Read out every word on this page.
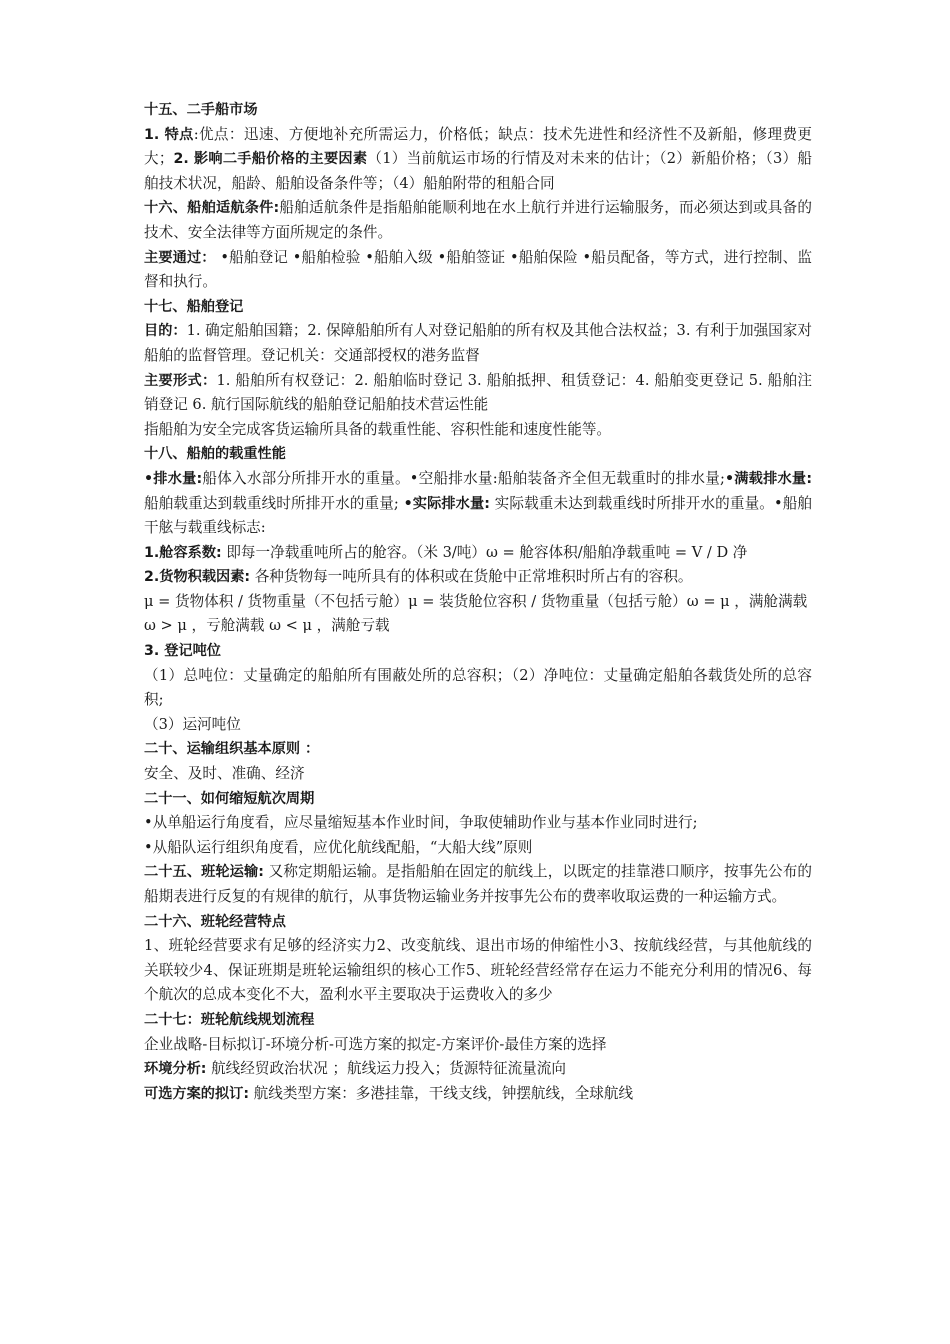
十五、二手船市场

1. 特点:优点：迅速、方便地补充所需运力，价格低；缺点：技术先进性和经济性不及新船，修理费更大；2. 影响二手船价格的主要因素（1）当前航运市场的行情及对未来的估计；（2）新船价格；（3）船舶技术状况，船龄、船舶设备条件等；（4）船舶附带的租船合同

十六、船舶适航条件:船舶适航条件是指船舶能顺利地在水上航行并进行运输服务，而必须达到或具备的技术、安全法律等方面所规定的条件。

主要通过： •船舶登记 •船舶检验 •船舶入级 •船舶签证 •船舶保险 •船员配备，等方式，进行控制、监督和执行。

十七、船舶登记

目的：1. 确定船舶国籍；2. 保障船舶所有人对登记船舶的所有权及其他合法权益；3. 有利于加强国家对船舶的监督管理。登记机关：交通部授权的港务监督

主要形式：1. 船舶所有权登记：2. 船舶临时登记 3. 船舶抵押、租赁登记：4. 船舶变更登记 5. 船舶注销登记 6. 航行国际航线的船舶登记船舶技术营运性能

指船舶为安全完成客货运输所具备的载重性能、容积性能和速度性能等。

十八、船舶的载重性能

•排水量:船体入水部分所排开水的重量。•空船排水量:船舶装备齐全但无载重时的排水量;•满载排水量: 船舶载重达到载重线时所排开水的重量; •实际排水量: 实际载重未达到载重线时所排开水的重量。•船舶干舷与载重线标志:

1.舱容系数: 即每一净载重吨所占的舱容。（米 3/吨）ω = 舱容体积/船舶净载重吨 = V / D 净

2.货物积载因素: 各种货物每一吨所具有的体积或在货舱中正常堆积时所占有的容积。

μ = 货物体积 / 货物重量（不包括亏舱）μ = 装货舱位容积 / 货物重量（包括亏舱）ω = μ ，满舱满载

ω > μ ，亏舱满载 ω < μ ，满舱亏载

3. 登记吨位

（1）总吨位：丈量确定的船舶所有围蔽处所的总容积；（2）净吨位：丈量确定船舶各载货处所的总容积;

（3）运河吨位

二十、运输组织基本原则 ：

安全、及时、准确、经济

二十一、如何缩短航次周期

•从单船运行角度看，应尽量缩短基本作业时间，争取使辅助作业与基本作业同时进行;

•从船队运行组织角度看，应优化航线配船，“大船大线”原则

二十五、班轮运输: 又称定期船运输。是指船舶在固定的航线上，以既定的挂靠港口顺序，按事先公布的船期表进行反复的有规律的航行，从事货物运输业务并按事先公布的费率收取运费的一种运输方式。

二十六、班轮经营特点

1、班轮经营要求有足够的经济实力2、改变航线、退出市场的伸缩性小3、按航线经营，与其他航线的关联较少4、保证班期是班轮运输组织的核心工作5、班轮经营经常存在运力不能充分利用的情况6、每个航次的总成本变化不大，盈利水平主要取决于运费收入的多少

二十七：班轮航线规划流程

企业战略-目标拟订-环境分析-可选方案的拟定-方案评价-最佳方案的选择

环境分析: 航线经贸政治状况 ；航线运力投入；货源特征流量流向

可选方案的拟订: 航线类型方案：多港挂靠，干线支线，钟摆航线，全球航线
